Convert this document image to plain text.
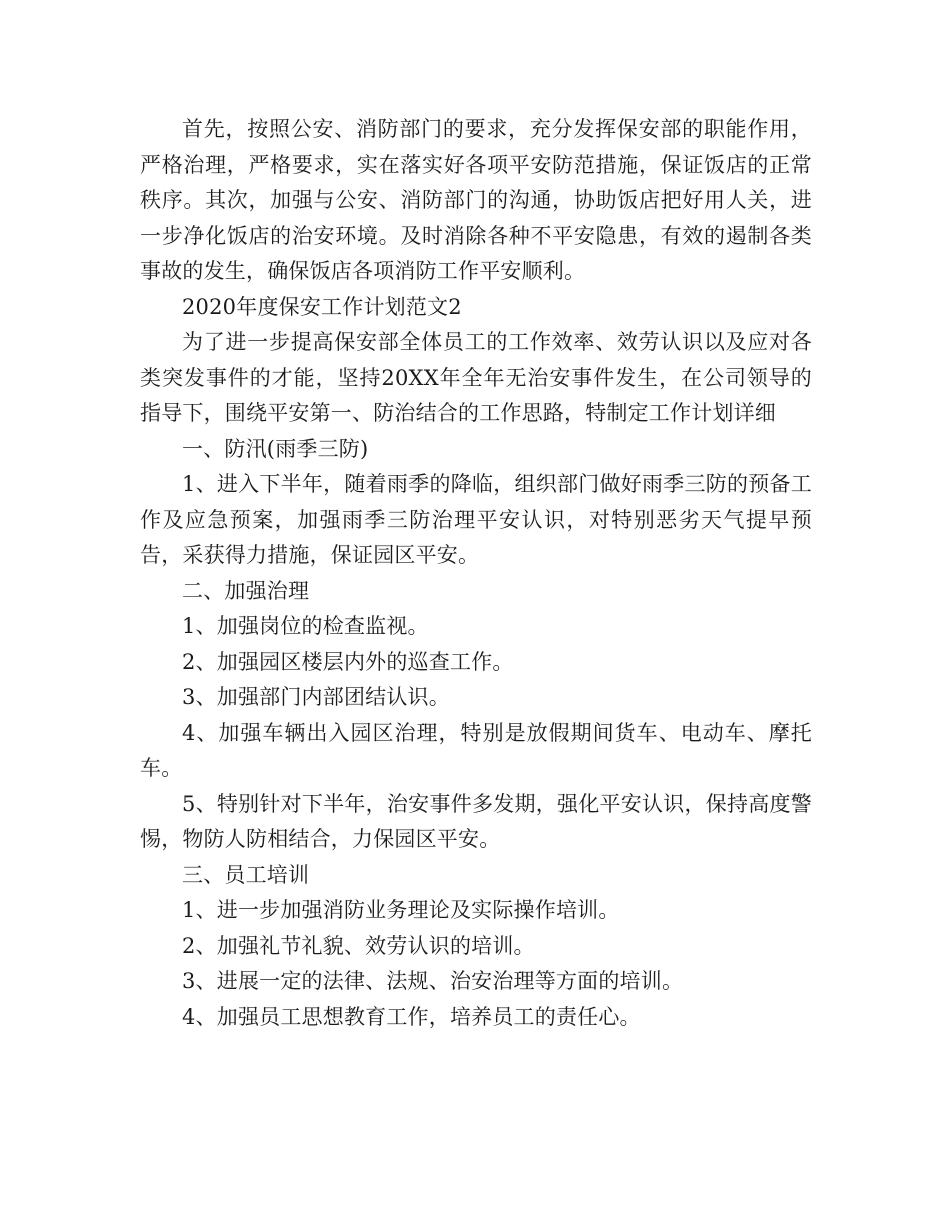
首先，按照公安、消防部门的要求，充分发挥保安部的职能作用，严格治理，严格要求，实在落实好各项平安防范措施，保证饭店的正常秩序。其次，加强与公安、消防部门的沟通，协助饭店把好用人关，进一步净化饭店的治安环境。及时消除各种不平安隐患，有效的遏制各类事故的发生，确保饭店各项消防工作平安顺利。

2020年度保安工作计划范文2

为了进一步提高保安部全体员工的工作效率、效劳认识以及应对各类突发事件的才能，坚持20XX年全年无治安事件发生，在公司领导的指导下，围绕平安第一、防治结合的工作思路，特制定工作计划详细

一、防汛(雨季三防)

1、进入下半年，随着雨季的降临，组织部门做好雨季三防的预备工作及应急预案，加强雨季三防治理平安认识，对特别恶劣天气提早预告，采获得力措施，保证园区平安。

二、加强治理

1、加强岗位的检查监视。

2、加强园区楼层内外的巡查工作。

3、加强部门内部团结认识。

4、加强车辆出入园区治理，特别是放假期间货车、电动车、摩托车。

5、特别针对下半年，治安事件多发期，强化平安认识，保持高度警惕，物防人防相结合，力保园区平安。

三、员工培训

1、进一步加强消防业务理论及实际操作培训。

2、加强礼节礼貌、效劳认识的培训。

3、进展一定的法律、法规、治安治理等方面的培训。

4、加强员工思想教育工作，培养员工的责任心。
